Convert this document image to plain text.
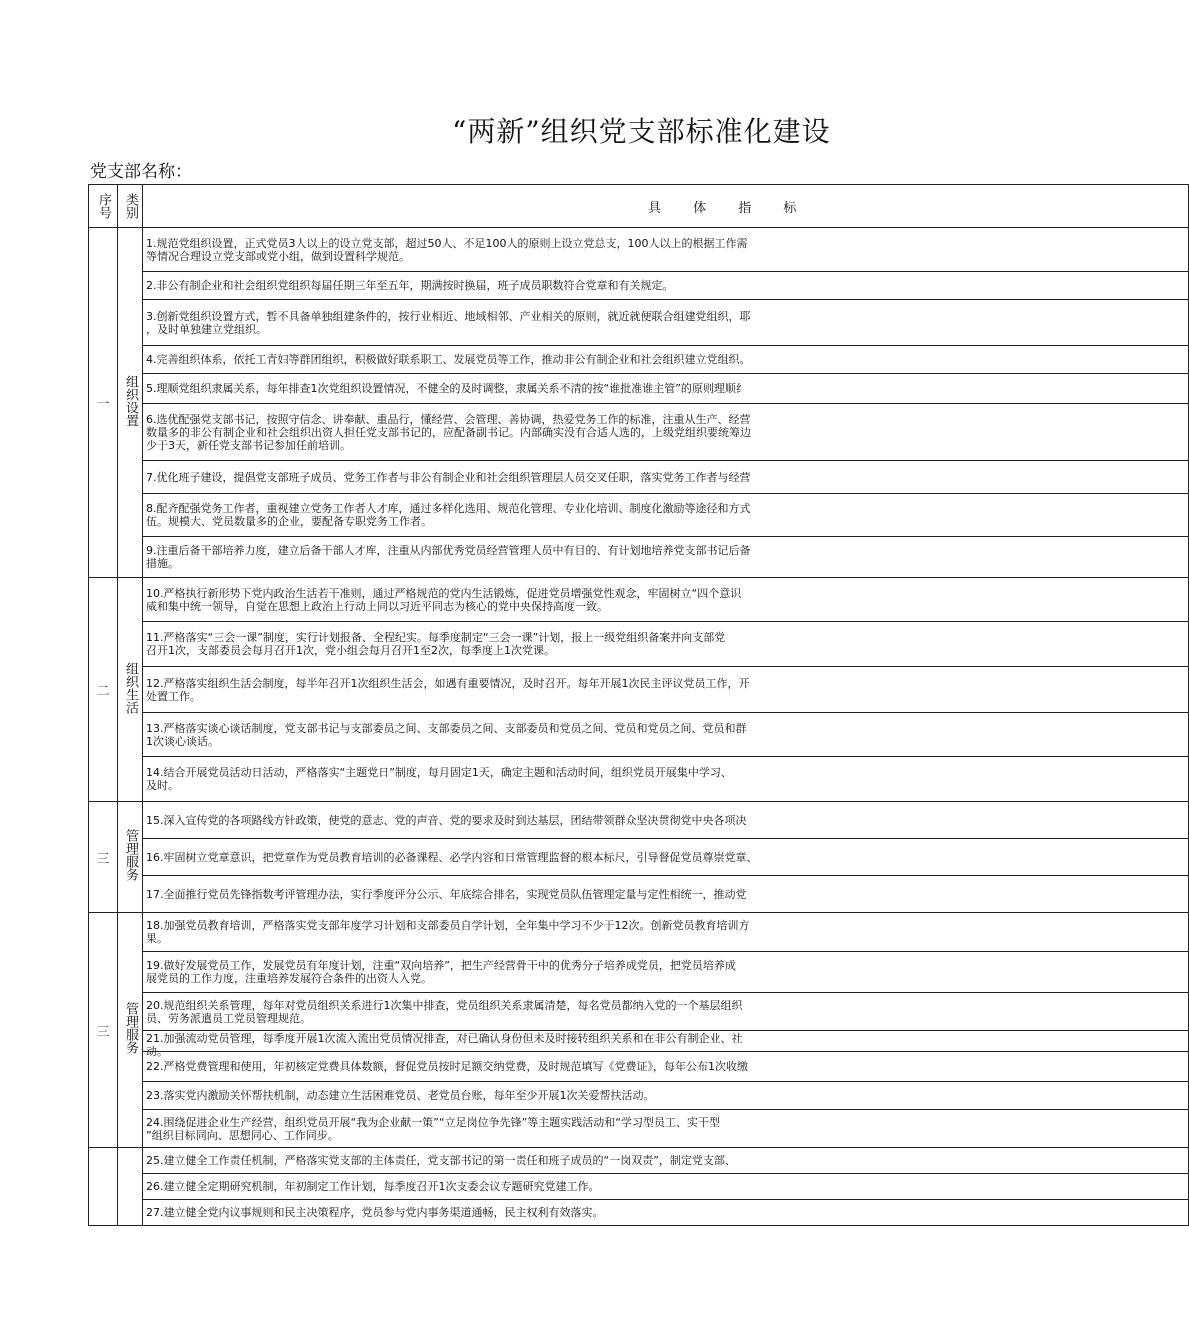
“两新”组织党支部标准化建设
党支部名称：
序号	类别	具 体 指 标
一	组织设置	1.规范党组织设置，正式党员3人以上的设立党支部，超过50人、不足100人的原则上设立党总支，100人以上的根据工作需
等情况合理设立党支部或党小组，做到设置科学规范。

		2.非公有制企业和社会组织党组织每届任期三年至五年，期满按时换届，班子成员职数符合党章和有关规定。

		3.创新党组织设置方式，暂不具备单独组建条件的，按行业相近、地域相邻、产业相关的原则，就近就便联合组建党组织，耶
，及时单独建立党组织。

		4.完善组织体系，依托工青妇等群团组织，积极做好联系职工、发展党员等工作，推动非公有制企业和社会组织建立党组织。

		5.理顺党组织隶属关系，每年排查1次党组织设置情况，不健全的及时调整，隶属关系不清的按“谁批准谁主管”的原则理顺纟

		6.选优配强党支部书记，按照守信念、讲奉献、重品行，懂经营、会管理、善协调，热爱党务工作的标准，注重从生产、经营
数量多的非公有制企业和社会组织出资人担任党支部书记的，应配备副书记。内部确实没有合适人选的，上级党组织要统筹边
少于3天，新任党支部书记参加任前培训。

		7.优化班子建设，提倡党支部班子成员、党务工作者与非公有制企业和社会组织管理层人员交叉任职，落实党务工作者与经营

		8.配齐配强党务工作者，重视建立党务工作者人才库，通过多样化选用、规范化管理、专业化培训、制度化激励等途径和方式
伍。规模大、党员数量多的企业，要配备专职党务工作者。

		9.注重后备干部培养力度，建立后备干部人才库，注重从内部优秀党员经营管理人员中有目的、有计划地培养党支部书记后备
措施。

二	组织生活	10.严格执行新形势下党内政治生活若干准则，通过严格规范的党内生活锻炼，促进党员增强党性观念，牢固树立“四个意识
威和集中统一领导，自觉在思想上政治上行动上同以习近平同志为核心的党中央保持高度一致。

		11.严格落实“三会一课”制度，实行计划报备、全程纪实。每季度制定“三会一课”计划，报上一级党组织备案并向支部党
召开1次，支部委员会每月召开1次，党小组会每月召开1至2次，每季度上1次党课。

		12.严格落实组织生活会制度，每半年召开1次组织生活会，如遇有重要情况，及时召开。每年开展1次民主评议党员工作，开
处置工作。

		13.严格落实谈心谈话制度，党支部书记与支部委员之间、支部委员之间、支部委员和党员之间、党员和党员之间、党员和群
1次谈心谈话。

		14.结合开展党员活动日活动，严格落实“主题党日”制度，每月固定1天，确定主题和活动时间，组织党员开展集中学习、
及时。

三	管理服务	15.深入宣传党的各项路线方针政策，使党的意志、党的声音、党的要求及时到达基层，团结带领群众坚决贯彻党中央各项决

		16.牢固树立党章意识，把党章作为党员教育培训的必备课程、必学内容和日常管理监督的根本标尺，引导督促党员尊崇党章、

		17.全面推行党员先锋指数考评管理办法，实行季度评分公示、年底综合排名，实现党员队伍管理定量与定性相统一，推动党

三	管理服务	18.加强党员教育培训，严格落实党支部年度学习计划和支部委员自学计划，全年集中学习不少于12次。创新党员教育培训方
果。

		19.做好发展党员工作，发展党员有年度计划，注重“双向培养”，把生产经营骨干中的优秀分子培养成党员，把党员培养成
展党员的工作力度，注重培养发展符合条件的出资人入党。

		20.规范组织关系管理，每年对党员组织关系进行1次集中排查，党员组织关系隶属清楚，每名党员都纳入党的一个基层组织
员、劳务派遣员工党员管理规范。

		21.加强流动党员管理，每季度开展1次流入流出党员情况排查，对已确认身份但未及时接转组织关系和在非公有制企业、社
动。

		22.严格党费管理和使用，年初核定党费具体数额，督促党员按时足额交纳党费，及时规范填写《党费证》，每年公布1次收缴

		23.落实党内激励关怀帮扶机制，动态建立生活困难党员、老党员台账，每年至少开展1次关爱帮扶活动。

		24.围绕促进企业生产经营，组织党员开展“我为企业献一策”“立足岗位争先锋”等主题实践活动和“学习型员工、实干型
”组织目标同向、思想同心、工作同步。

		25.建立健全工作责任机制，严格落实党支部的主体责任，党支部书记的第一责任和班子成员的“一岗双责”，制定党支部、

		26.建立健全定期研究机制，年初制定工作计划，每季度召开1次支委会议专题研究党建工作。

		27.建立健全党内议事规则和民主决策程序，党员参与党内事务渠道通畅，民主权利有效落实。
